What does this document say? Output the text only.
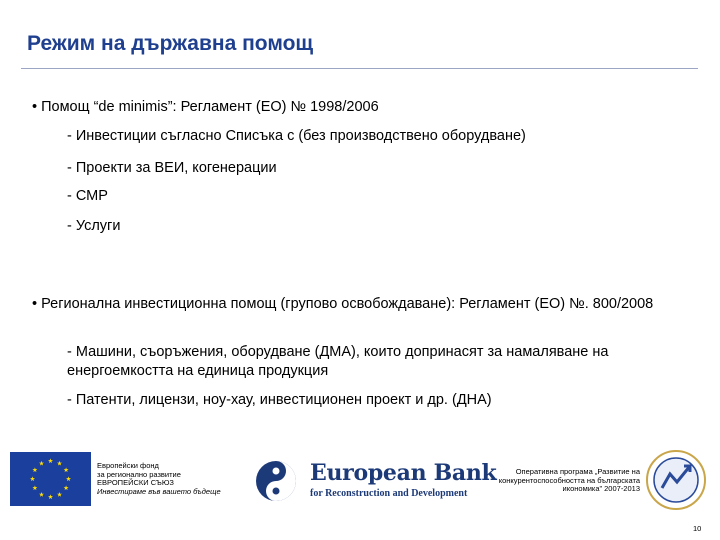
Режим на държавна помощ
• Помощ “de minimis”: Регламент (ЕО) № 1998/2006
- Инвестиции съгласно Списъка с (без производствено оборудване)
- Проекти за ВЕИ, когенерации
- СМР
- Услуги
• Регионална инвестиционна помощ (групово освобождаване): Регламент (ЕО) №. 800/2008
- Машини, съоръжения, оборудване (ДМА), които допринасят за намаляване на енергоемкостта на единица продукция
- Патенти, лицензи, ноу-хау, инвестиционен проект и др. (ДНА)
Европейски фонд
за регионално развитие
ЕВРОПЕЙСКИ СЪЮЗ
Инвестираме във вашето бъдеще
European Bank
for Reconstruction and Development
Оперативна програма „Развитие на
конкурентоспособността на българската
икономика” 2007-2013
10
